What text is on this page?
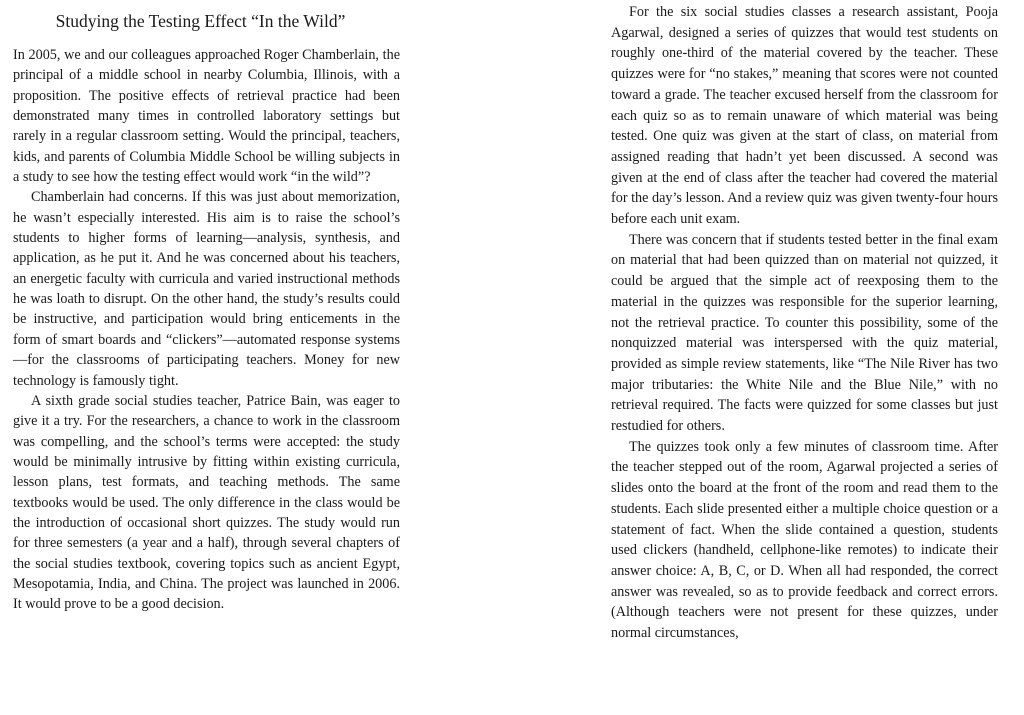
Studying the Testing Effect “In the Wild”

In 2005, we and our colleagues approached Roger Chamberlain, the principal of a middle school in nearby Columbia, Illinois, with a proposition. The positive effects of retrieval practice had been demonstrated many times in controlled laboratory settings but rarely in a regular classroom setting. Would the principal, teachers, kids, and parents of Columbia Middle School be willing subjects in a study to see how the testing effect would work “in the wild”?

Chamberlain had concerns. If this was just about memorization, he wasn’t especially interested. His aim is to raise the school’s students to higher forms of learning—analysis, synthesis, and application, as he put it. And he was concerned about his teachers, an energetic faculty with curricula and varied instructional methods he was loath to disrupt. On the other hand, the study’s results could be instructive, and participation would bring enticements in the form of smart boards and “clickers”—automated response systems—for the classrooms of participating teachers. Money for new technology is famously tight.

A sixth grade social studies teacher, Patrice Bain, was eager to give it a try. For the researchers, a chance to work in the classroom was compelling, and the school’s terms were accepted: the study would be minimally intrusive by fitting within existing curricula, lesson plans, test formats, and teaching methods. The same textbooks would be used. The only difference in the class would be the introduction of occasional short quizzes. The study would run for three semesters (a year and a half), through several chapters of the social studies textbook, covering topics such as ancient Egypt, Mesopotamia, India, and China. The project was launched in 2006. It would prove to be a good decision.

For the six social studies classes a research assistant, Pooja Agarwal, designed a series of quizzes that would test students on roughly one-third of the material covered by the teacher. These quizzes were for “no stakes,” meaning that scores were not counted toward a grade. The teacher excused herself from the classroom for each quiz so as to remain unaware of which material was being tested. One quiz was given at the start of class, on material from assigned reading that hadn’t yet been discussed. A second was given at the end of class after the teacher had covered the material for the day’s lesson. And a review quiz was given twenty-four hours before each unit exam.

There was concern that if students tested better in the final exam on material that had been quizzed than on material not quizzed, it could be argued that the simple act of reexposing them to the material in the quizzes was responsible for the superior learning, not the retrieval practice. To counter this possibility, some of the nonquizzed material was interspersed with the quiz material, provided as simple review statements, like “The Nile River has two major tributaries: the White Nile and the Blue Nile,” with no retrieval required. The facts were quizzed for some classes but just restudied for others.

The quizzes took only a few minutes of classroom time. After the teacher stepped out of the room, Agarwal projected a series of slides onto the board at the front of the room and read them to the students. Each slide presented either a multiple choice question or a statement of fact. When the slide contained a question, students used clickers (handheld, cellphone-like remotes) to indicate their answer choice: A, B, C, or D. When all had responded, the correct answer was revealed, so as to provide feedback and correct errors. (Although teachers were not present for these quizzes, under normal circumstances,
